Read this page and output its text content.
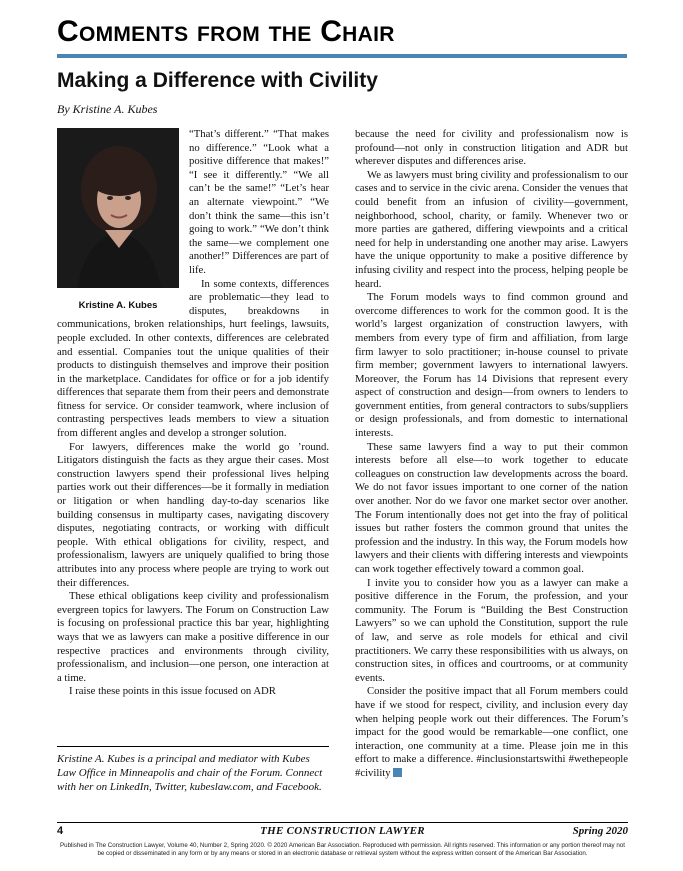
Comments from the Chair
Making a Difference with Civility
By Kristine A. Kubes
Kristine A. Kubes

“That’s different.” “That makes no difference.” “Look what a positive difference that makes!” “I see it differently.” “We all can’t be the same!” “Let’s hear an alternate viewpoint.” “We don’t think the same—this isn’t going to work.” “We don’t think the same—we complement one another!” Differences are part of life.

In some contexts, differences are problematic—they lead to disputes, breakdowns in communications, broken relationships, hurt feelings, lawsuits, people excluded. In other contexts, differences are celebrated and essential. Companies tout the unique qualities of their products to distinguish themselves and improve their position in the marketplace. Candidates for office or for a job identify differences that separate them from their peers and demonstrate fitness for service. Or consider teamwork, where inclusion of contrasting perspectives leads members to view a situation from different angles and develop a stronger solution.

For lawyers, differences make the world go ’round. Litigators distinguish the facts as they argue their cases. Most construction lawyers spend their professional lives helping parties work out their differences—be it formally in mediation or litigation or when handling day-to-day scenarios like building consensus in multiparty cases, navigating discovery disputes, negotiating contracts, or working with difficult people. With ethical obligations for civility, respect, and professionalism, lawyers are uniquely qualified to bring those attributes into any process where people are trying to work out their differences.

These ethical obligations keep civility and professionalism evergreen topics for lawyers. The Forum on Construction Law is focusing on professional practice this bar year, highlighting ways that we as lawyers can make a positive difference in our respective practices and environments through civility, professionalism, and inclusion—one person, one interaction at a time.

I raise these points in this issue focused on ADR

Kristine A. Kubes is a principal and mediator with Kubes Law Office in Minneapolis and chair of the Forum. Connect with her on LinkedIn, Twitter, kubeslaw.com, and Facebook.

because the need for civility and professionalism now is profound—not only in construction litigation and ADR but wherever disputes and differences arise.

We as lawyers must bring civility and professionalism to our cases and to service in the civic arena. Consider the venues that could benefit from an infusion of civility—government, neighborhood, school, charity, or family. Whenever two or more parties are gathered, differing viewpoints and a critical need for help in understanding one another may arise. Lawyers have the unique opportunity to make a positive difference by infusing civility and respect into the process, helping people be heard.

The Forum models ways to find common ground and overcome differences to work for the common good. It is the world’s largest organization of construction lawyers, with members from every type of firm and affiliation, from large firm lawyer to solo practitioner; in-house counsel to private firm member; government lawyers to international lawyers. Moreover, the Forum has 14 Divisions that represent every aspect of construction and design—from owners to lenders to government entities, from general contractors to subs/suppliers or design professionals, and from domestic to international interests.

These same lawyers find a way to put their common interests before all else—to work together to educate colleagues on construction law developments across the board. We do not favor issues important to one corner of the nation over another. Nor do we favor one market sector over another. The Forum intentionally does not get into the fray of political issues but rather fosters the common ground that unites the profession and the industry. In this way, the Forum models how lawyers and their clients with differing interests and viewpoints can work together effectively toward a common goal.

I invite you to consider how you as a lawyer can make a positive difference in the Forum, the profession, and your community. The Forum is “Building the Best Construction Lawyers” so we can uphold the Constitution, support the rule of law, and serve as role models for ethical and civil practitioners. We carry these responsibilities with us always, on construction sites, in offices and courtrooms, or at community events.

Consider the positive impact that all Forum members could have if we stood for respect, civility, and inclusion every day when helping people work out their differences. The Forum’s impact for the good would be remarkable—one conflict, one interaction, one community at a time. Please join me in this effort to make a difference. #inclusionstartswithi #wethepeople #civility

4	THE CONSTRUCTION LAWYER	Spring 2020
Published in The Construction Lawyer, Volume 40, Number 2, Spring 2020. © 2020 American Bar Association. Reproduced with permission. All rights reserved. This information or any portion thereof may not be copied or disseminated in any form or by any means or stored in an electronic database or retrieval system without the express written consent of the American Bar Association.
